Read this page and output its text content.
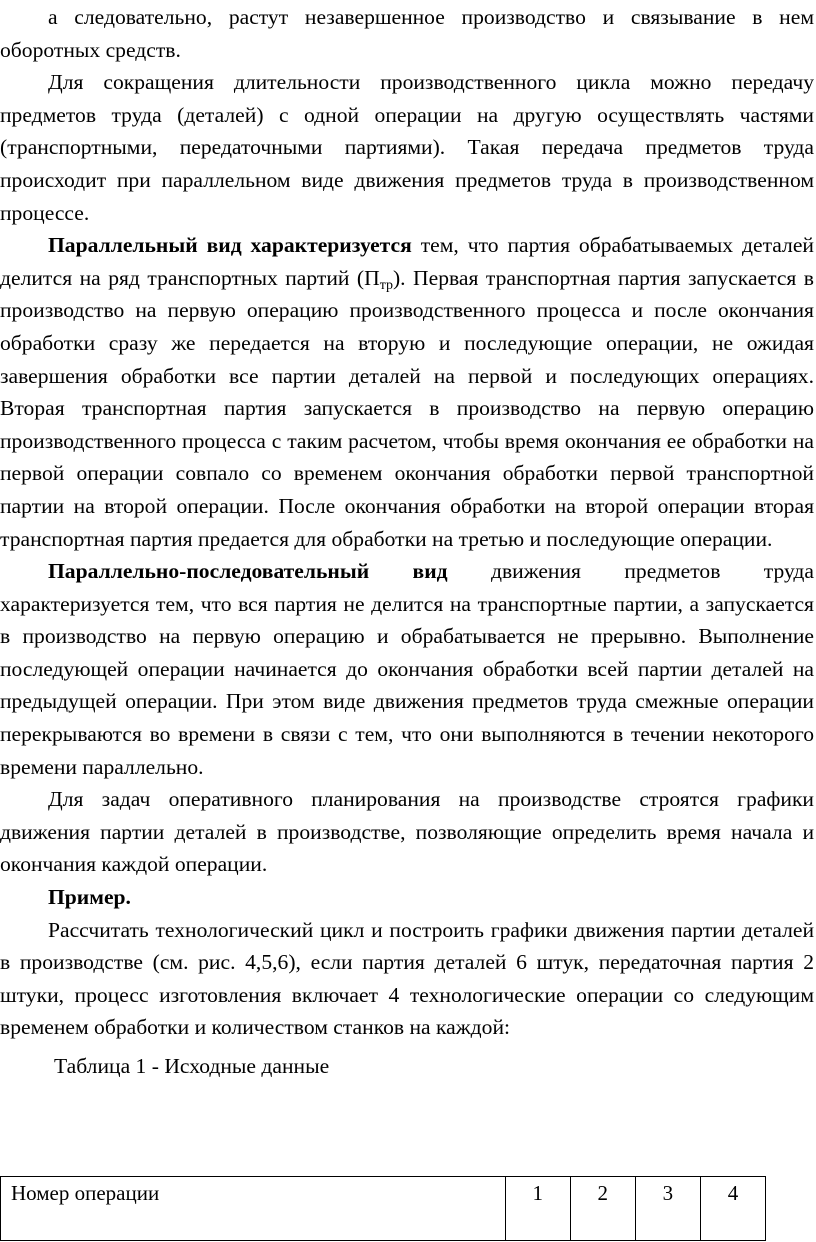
а следовательно, растут незавершенное производство и связывание в нем оборотных средств.

Для сокращения длительности производственного цикла можно передачу предметов труда (деталей) с одной операции на другую осуществлять частями (транспортными, передаточными партиями). Такая передача предметов труда происходит при параллельном виде движения предметов труда в производственном процессе.

Параллельный вид характеризуется тем, что партия обрабатываемых деталей делится на ряд транспортных партий $(П_{тр})$. Первая транспортная партия запускается в производство на первую операцию производственного процесса и после окончания обработки сразу же передается на вторую и последующие операции, не ожидая завершения обработки все партии деталей на первой и последующих операциях. Вторая транспортная партия запускается в производство на первую операцию производственного процесса с таким расчетом, чтобы время окончания ее обработки на первой операции совпало со временем окончания обработки первой транспортной партии на второй операции. После окончания обработки на второй операции вторая транспортная партия предается для обработки на третью и последующие операции.

Параллельно-последовательный вид движения предметов труда характеризуется тем, что вся партия не делится на транспортные партии, а запускается в производство на первую операцию и обрабатывается не прерывно. Выполнение последующей операции начинается до окончания обработки всей партии деталей на предыдущей операции. При этом виде движения предметов труда смежные операции перекрываются во времени в связи с тем, что они выполняются в течении некоторого времени параллельно.

Для задач оперативного планирования на производстве строятся графики движения партии деталей в производстве, позволяющие определить время начала и окончания каждой операции.

Пример.

Рассчитать технологический цикл и построить графики движения партии деталей в производстве (см. рис. 4,5,6), если партия деталей 6 штук, передаточная партия 2 штуки, процесс изготовления включает 4 технологические операции со следующим временем обработки и количеством станков на каждой:

Таблица 1 - Исходные данные

Номер операции	1	2	3	4
